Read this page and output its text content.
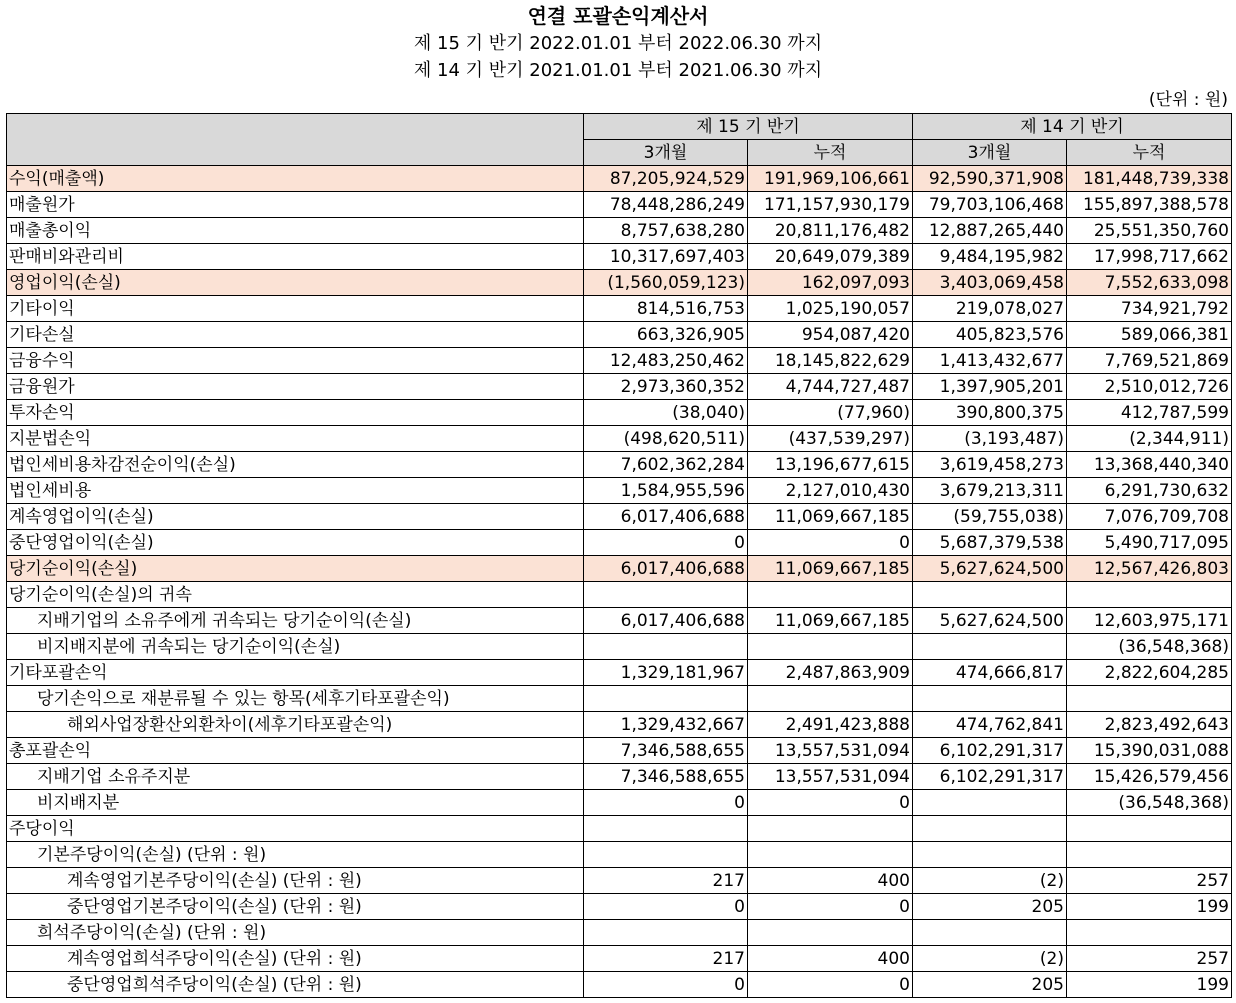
연결 포괄손익계산서
제 15 기 반기 2022.01.01 부터 2022.06.30 까지
제 14 기 반기 2021.01.01 부터 2021.06.30 까지
(단위 : 원)
	제 15 기 반기		제 14 기 반기	
	3개월	누적	3개월	누적
수익(매출액)	87,205,924,529	191,969,106,661	92,590,371,908	181,448,739,338
매출원가	78,448,286,249	171,157,930,179	79,703,106,468	155,897,388,578
매출총이익	8,757,638,280	20,811,176,482	12,887,265,440	25,551,350,760
판매비와관리비	10,317,697,403	20,649,079,389	9,484,195,982	17,998,717,662
영업이익(손실)	(1,560,059,123)	162,097,093	3,403,069,458	7,552,633,098
기타이익	814,516,753	1,025,190,057	219,078,027	734,921,792
기타손실	663,326,905	954,087,420	405,823,576	589,066,381
금융수익	12,483,250,462	18,145,822,629	1,413,432,677	7,769,521,869
금융원가	2,973,360,352	4,744,727,487	1,397,905,201	2,510,012,726
투자손익	(38,040)	(77,960)	390,800,375	412,787,599
지분법손익	(498,620,511)	(437,539,297)	(3,193,487)	(2,344,911)
법인세비용차감전순이익(손실)	7,602,362,284	13,196,677,615	3,619,458,273	13,368,440,340
법인세비용	1,584,955,596	2,127,010,430	3,679,213,311	6,291,730,632
계속영업이익(손실)	6,017,406,688	11,069,667,185	(59,755,038)	7,076,709,708
중단영업이익(손실)	0	0	5,687,379,538	5,490,717,095
당기순이익(손실)	6,017,406,688	11,069,667,185	5,627,624,500	12,567,426,803
당기순이익(손실)의 귀속				
지배기업의 소유주에게 귀속되는 당기순이익(손실)	6,017,406,688	11,069,667,185	5,627,624,500	12,603,975,171
비지배지분에 귀속되는 당기순이익(손실)				(36,548,368)
기타포괄손익	1,329,181,967	2,487,863,909	474,666,817	2,822,604,285
당기손익으로 재분류될 수 있는 항목(세후기타포괄손익)				
해외사업장환산외환차이(세후기타포괄손익)	1,329,432,667	2,491,423,888	474,762,841	2,823,492,643
총포괄손익	7,346,588,655	13,557,531,094	6,102,291,317	15,390,031,088
지배기업 소유주지분	7,346,588,655	13,557,531,094	6,102,291,317	15,426,579,456
비지배지분	0	0		(36,548,368)
주당이익				
기본주당이익(손실) (단위 : 원)				
계속영업기본주당이익(손실) (단위 : 원)	217	400	(2)	257
중단영업기본주당이익(손실) (단위 : 원)	0	0	205	199
희석주당이익(손실) (단위 : 원)				
계속영업희석주당이익(손실) (단위 : 원)	217	400	(2)	257
중단영업희석주당이익(손실) (단위 : 원)	0	0	205	199
